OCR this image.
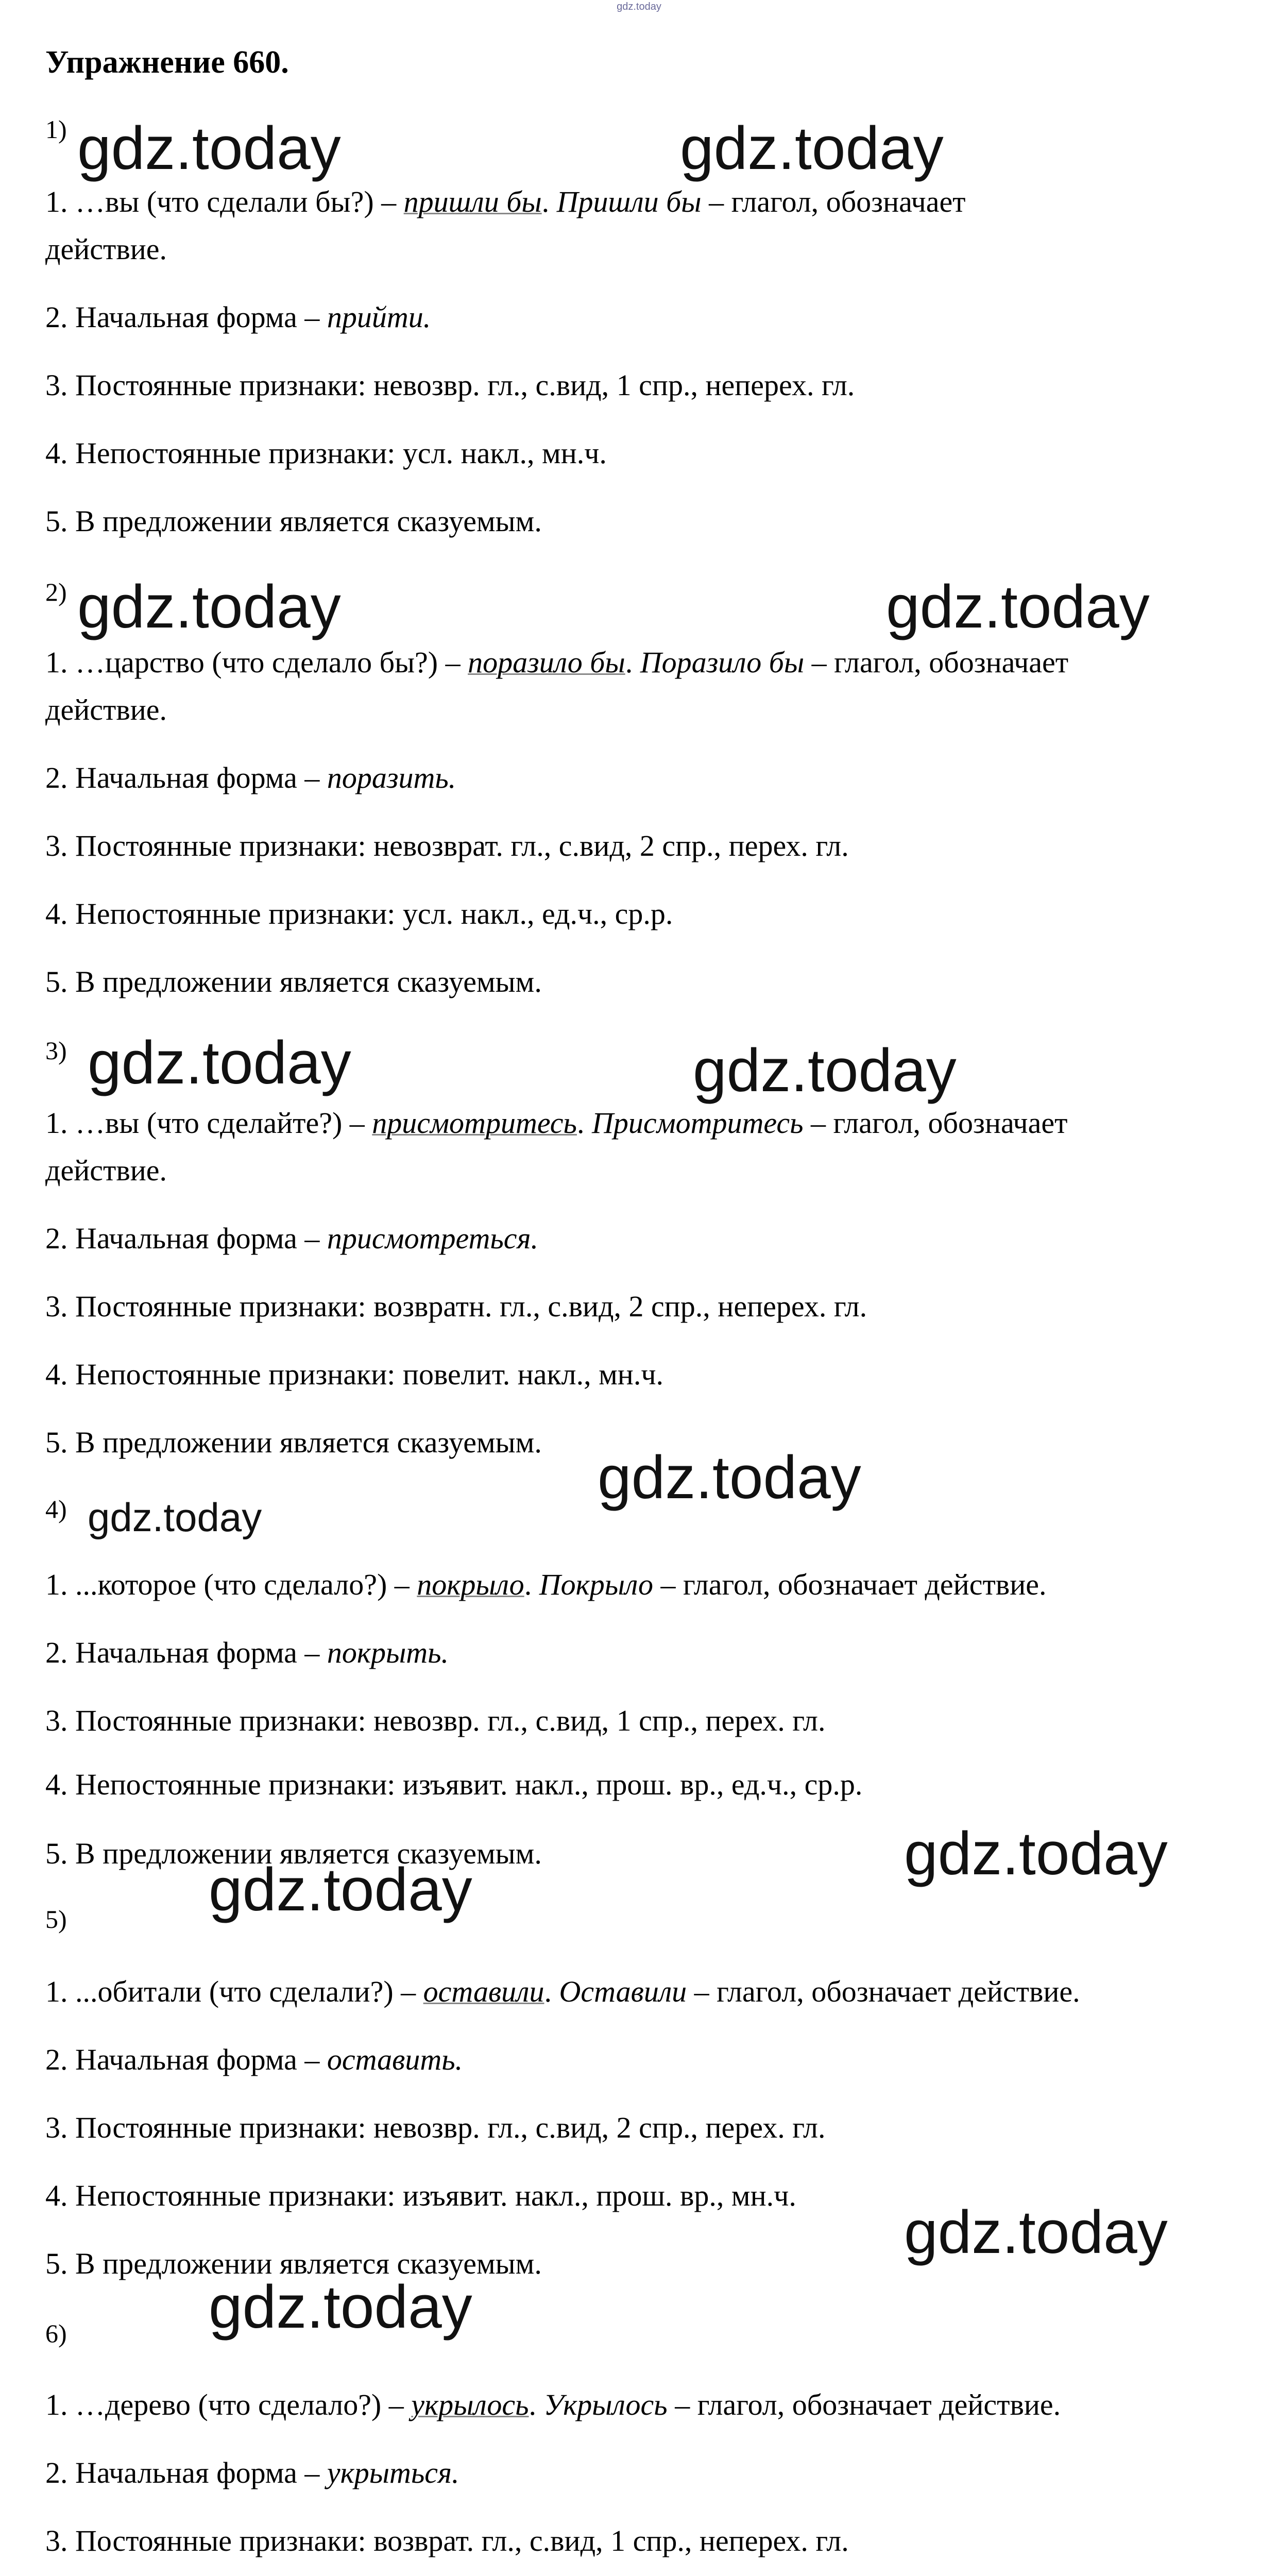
gdz.today
Упражнение 660.
1)
1. …вы (что сделали бы?) – пришли бы. Пришли бы – глагол, обозначает
действие.
2. Начальная форма – прийти.
3. Постоянные признаки: невозвр. гл., с.вид, 1 спр., неперех. гл.
4. Непостоянные признаки: усл. накл., мн.ч.
5. В предложении является сказуемым.
2)
1. …царство (что сделало бы?) – поразило бы. Поразило бы – глагол, обозначает
действие.
2. Начальная форма – поразить.
3. Постоянные признаки: невозврат. гл., с.вид, 2 спр., перех. гл.
4. Непостоянные признаки: усл. накл., ед.ч., ср.р.
5. В предложении является сказуемым.
3)
1. …вы (что сделайте?) – присмотритесь. Присмотритесь – глагол, обозначает
действие.
2. Начальная форма – присмотреться.
3. Постоянные признаки: возвратн. гл., с.вид, 2 спр., неперех. гл.
4. Непостоянные признаки: повелит. накл., мн.ч.
5. В предложении является сказуемым.
4)
1. ...которое (что сделало?) – покрыло. Покрыло – глагол, обозначает действие.
2. Начальная форма – покрыть.
3. Постоянные признаки: невозвр. гл., с.вид, 1 спр., перех. гл.
4. Непостоянные признаки: изъявит. накл., прош. вр., ед.ч., ср.р.
5. В предложении является сказуемым.
5)
1. ...обитали (что сделали?) – оставили. Оставили – глагол, обозначает действие.
2. Начальная форма – оставить.
3. Постоянные признаки: невозвр. гл., с.вид, 2 спр., перех. гл.
4. Непостоянные признаки: изъявит. накл., прош. вр., мн.ч.
5. В предложении является сказуемым.
6)
1. …дерево (что сделало?) – укрылось. Укрылось – глагол, обозначает действие.
2. Начальная форма – укрыться.
3. Постоянные признаки: возврат. гл., с.вид, 1 спр., неперех. гл.
gdz.today	gdz.today
gdz.today	gdz.today
gdz.today	gdz.today
gdz.today
gdz.today
gdz.today
gdz.today
gdz.today
gdz.today
